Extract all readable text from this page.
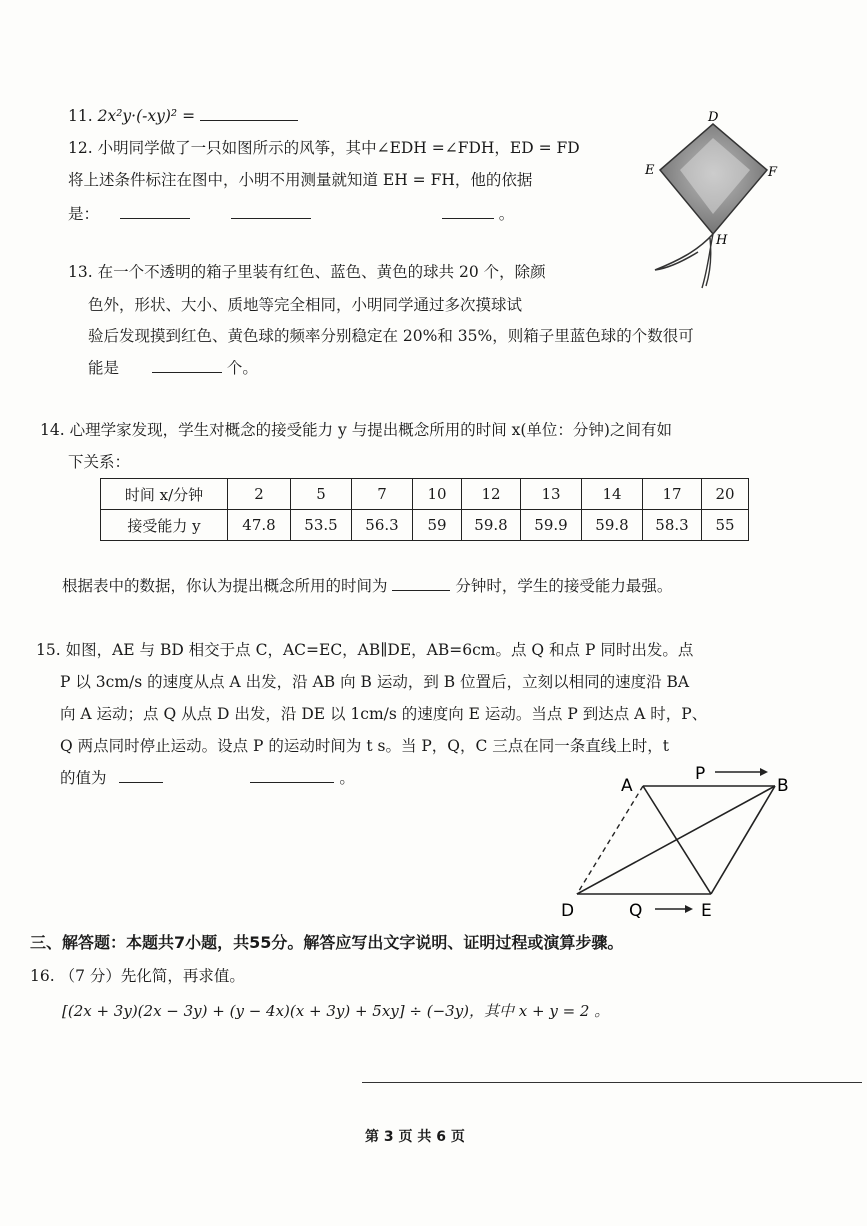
11. 2x²y·(-xy)² =
12. 小明同学做了一只如图所示的风筝，其中∠EDH =∠FDH，ED = FD
将上述条件标注在图中，小明不用测量就知道 EH = FH，他的依据
是：	。
D
E	F
H
13. 在一个不透明的箱子里装有红色、蓝色、黄色的球共 20 个，除颜
色外，形状、大小、质地等完全相同，小明同学通过多次摸球试
验后发现摸到红色、黄色球的频率分别稳定在 20%和 35%，则箱子里蓝色球的个数很可
能是	个。
14. 心理学家发现，学生对概念的接受能力 y 与提出概念所用的时间 x(单位：分钟)之间有如
下关系：
时间 x/分钟	2	5	7	10	12	13	14	17	20
接受能力 y	47.8	53.5	56.3	59	59.8	59.9	59.8	58.3	55
根据表中的数据，你认为提出概念所用的时间为	分钟时，学生的接受能力最强。
15. 如图，AE 与 BD 相交于点 C，AC=EC，AB∥DE，AB=6cm。点 Q 和点 P 同时出发。点
P 以 3cm/s 的速度从点 A 出发，沿 AB 向 B 运动，到 B 位置后，立刻以相同的速度沿 BA
向 A 运动；点 Q 从点 D 出发，沿 DE 以 1cm/s 的速度向 E 运动。当点 P 到达点 A 时，P、
Q 两点同时停止运动。设点 P 的运动时间为 t s。当 P，Q，C 三点在同一条直线上时，t
的值为	。	A	B
D	E
P
Q
三、解答题：本题共7小题，共55分。解答应写出文字说明、证明过程或演算步骤。
16. （7 分）先化简，再求值。
[(2x + 3y)(2x − 3y) + (y − 4x)(x + 3y) + 5xy] ÷ (−3y)，其中 x + y = 2 。
第 3 页 共 6 页
